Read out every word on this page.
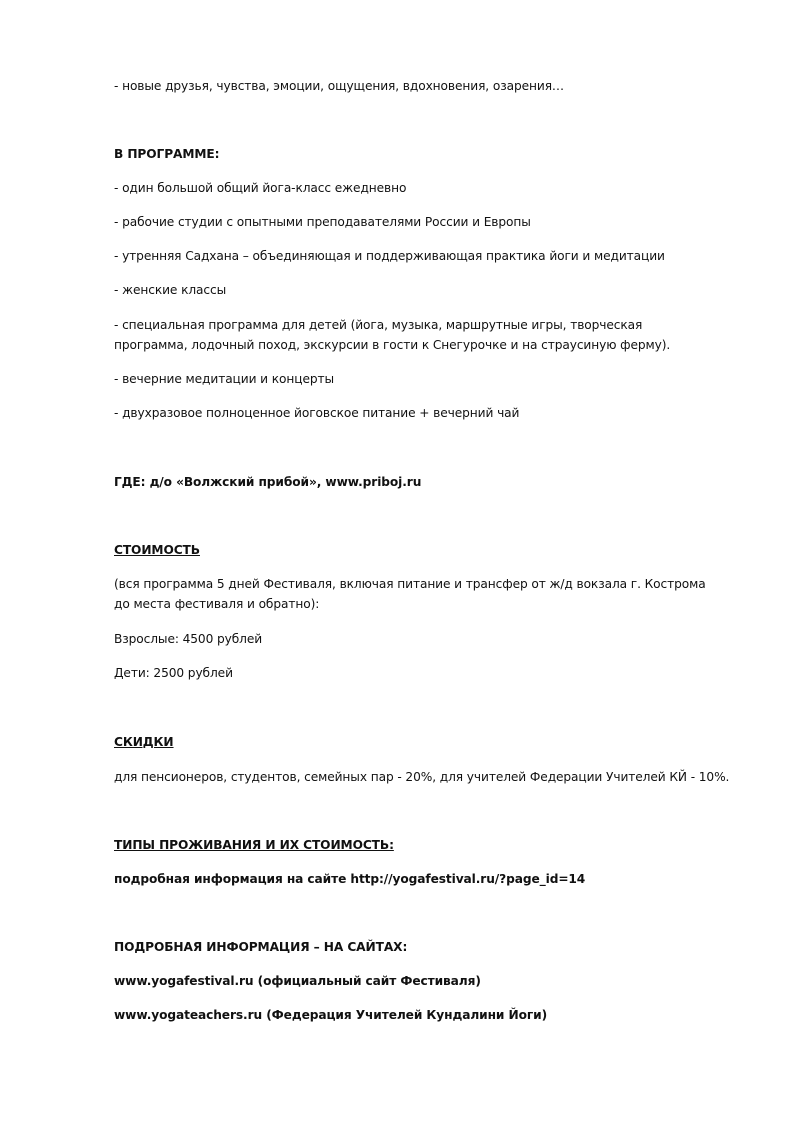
- новые друзья, чувства, эмоции, ощущения, вдохновения, озарения…
В ПРОГРАММЕ:
- один большой общий йога-класс ежедневно
- рабочие студии с опытными преподавателями России и Европы
- утренняя Садхана – объединяющая и поддерживающая практика йоги и медитации
- женские классы
- специальная программа для детей (йога, музыка, маршрутные игры, творческая программа, лодочный поход, экскурсии в гости к Снегурочке и на страусиную ферму).
- вечерние медитации и концерты
- двухразовое полноценное йоговское питание + вечерний чай
ГДЕ: д/о «Волжский прибой», www.priboj.ru
СТОИМОСТЬ
(вся программа 5 дней Фестиваля, включая питание и трансфер от ж/д вокзала г. Кострома до места фестиваля и обратно):
Взрослые: 4500 рублей
Дети: 2500 рублей
СКИДКИ
для пенсионеров, студентов, семейных пар - 20%, для учителей Федерации Учителей КЙ - 10%.
ТИПЫ ПРОЖИВАНИЯ И ИХ СТОИМОСТЬ:
подробная информация на сайте http://yogafestival.ru/?page_id=14
ПОДРОБНАЯ ИНФОРМАЦИЯ – НА САЙТАХ:
www.yogafestival.ru (официальный сайт Фестиваля)
www.yogateachers.ru (Федерация Учителей Кундалини Йоги)
